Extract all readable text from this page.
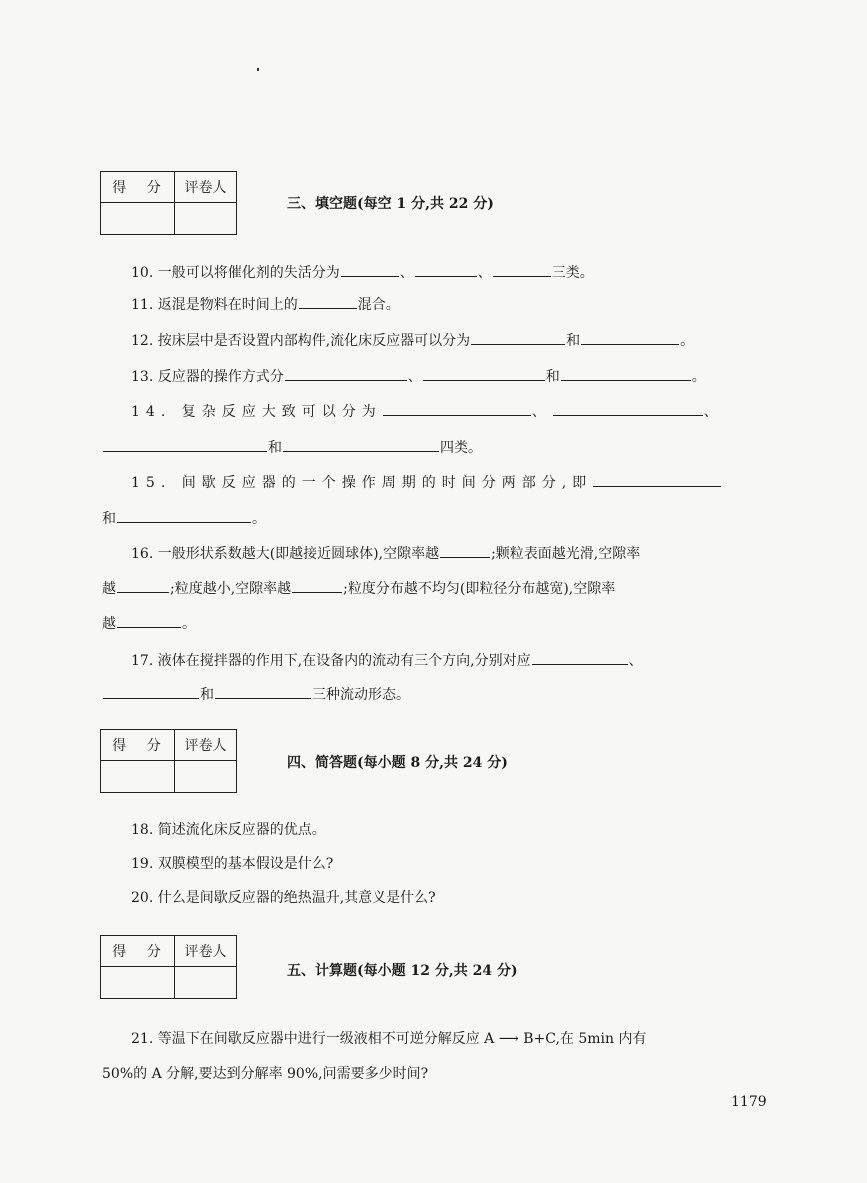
得 分	评卷人

三、填空题(每空 1 分,共 22 分)
10. 一般可以将催化剂的失活分为	、	、	三类。
11. 返混是物料在时间上的	混合。
12. 按床层中是否设置内部构件,流化床反应器可以分为	和	。
13. 反应器的操作方式分	、	和	。
14. 复杂反应大致可以分为	、	、
和	四类。
15. 间歇反应器的一个操作周期的时间分两部分,即
和	。
16. 一般形状系数越大(即越接近圆球体),空隙率越	;颗粒表面越光滑,空隙率
越	;粒度越小,空隙率越	;粒度分布越不均匀(即粒径分布越宽),空隙率
越	。
17. 液体在搅拌器的作用下,在设备内的流动有三个方向,分别对应	、
和	三种流动形态。
得 分	评卷人

四、简答题(每小题 8 分,共 24 分)
18. 简述流化床反应器的优点。
19. 双膜模型的基本假设是什么?
20. 什么是间歇反应器的绝热温升,其意义是什么?
得 分	评卷人

五、计算题(每小题 12 分,共 24 分)
21. 等温下在间歇反应器中进行一级液相不可逆分解反应 A ⟶ B+C,在 5min 内有
50%的 A 分解,要达到分解率 90%,问需要多少时间?
1179
